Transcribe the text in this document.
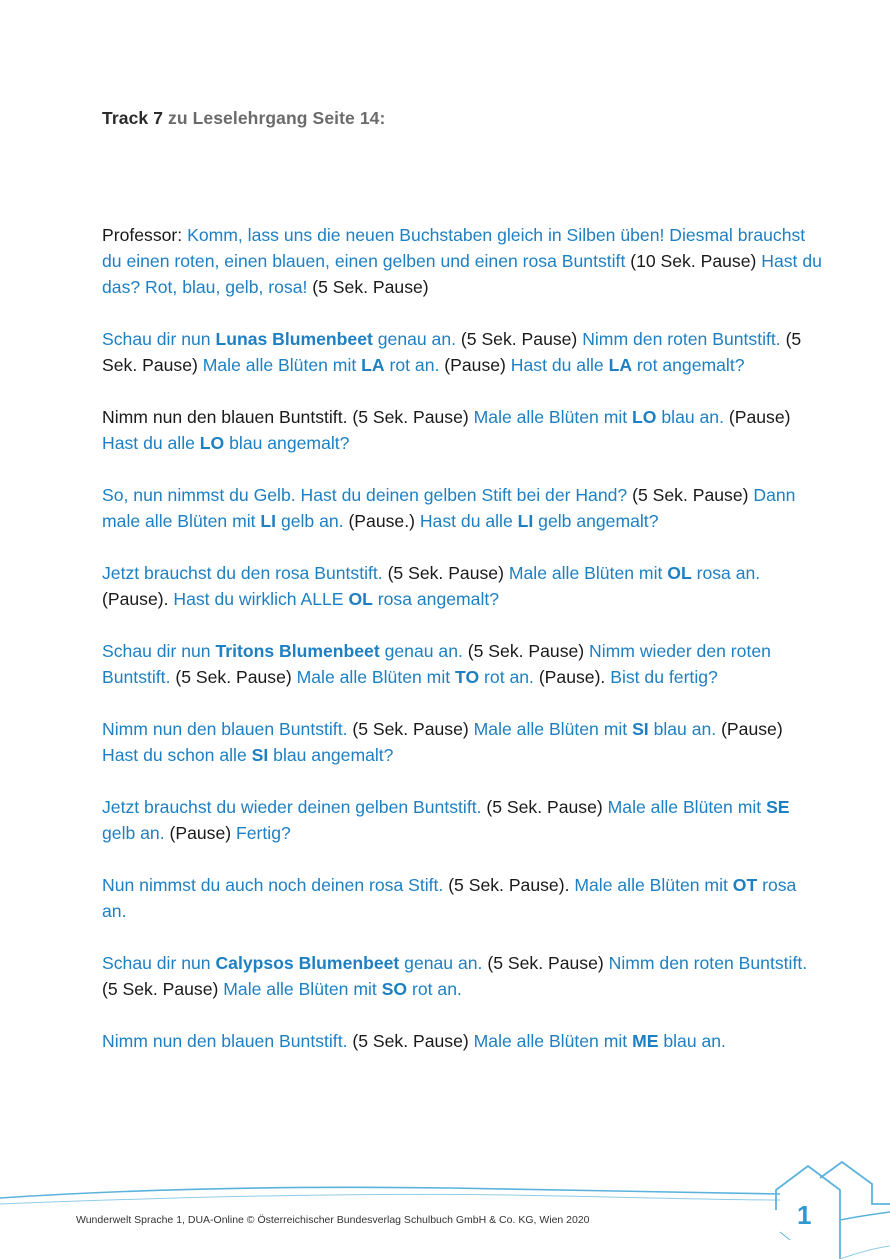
Track 7 zu Leselehrgang Seite 14:

Professor: Komm, lass uns die neuen Buchstaben gleich in Silben üben! Diesmal brauchst du einen roten, einen blauen, einen gelben und einen rosa Buntstift (10 Sek. Pause) Hast du das? Rot, blau, gelb, rosa! (5 Sek. Pause)

Schau dir nun Lunas Blumenbeet genau an. (5 Sek. Pause) Nimm den roten Buntstift. (5 Sek. Pause) Male alle Blüten mit LA rot an. (Pause) Hast du alle LA rot angemalt?

Nimm nun den blauen Buntstift. (5 Sek. Pause) Male alle Blüten mit LO blau an. (Pause) Hast du alle LO blau angemalt?

So, nun nimmst du Gelb. Hast du deinen gelben Stift bei der Hand? (5 Sek. Pause) Dann male alle Blüten mit LI gelb an. (Pause.) Hast du alle LI gelb angemalt?

Jetzt brauchst du den rosa Buntstift. (5 Sek. Pause) Male alle Blüten mit OL rosa an. (Pause). Hast du wirklich ALLE OL rosa angemalt?

Schau dir nun Tritons Blumenbeet genau an. (5 Sek. Pause) Nimm wieder den roten Buntstift. (5 Sek. Pause) Male alle Blüten mit TO rot an. (Pause). Bist du fertig?

Nimm nun den blauen Buntstift. (5 Sek. Pause) Male alle Blüten mit SI blau an. (Pause) Hast du schon alle SI blau angemalt?

Jetzt brauchst du wieder deinen gelben Buntstift. (5 Sek. Pause) Male alle Blüten mit SE gelb an. (Pause) Fertig?

Nun nimmst du auch noch deinen rosa Stift. (5 Sek. Pause). Male alle Blüten mit OT rosa an.

Schau dir nun Calypsos Blumenbeet genau an. (5 Sek. Pause) Nimm den roten Buntstift. (5 Sek. Pause) Male alle Blüten mit SO rot an.

Nimm nun den blauen Buntstift. (5 Sek. Pause) Male alle Blüten mit ME blau an.

Wunderwelt Sprache 1, DUA-Online © Österreichischer Bundesverlag Schulbuch GmbH & Co. KG, Wien 2020	1
